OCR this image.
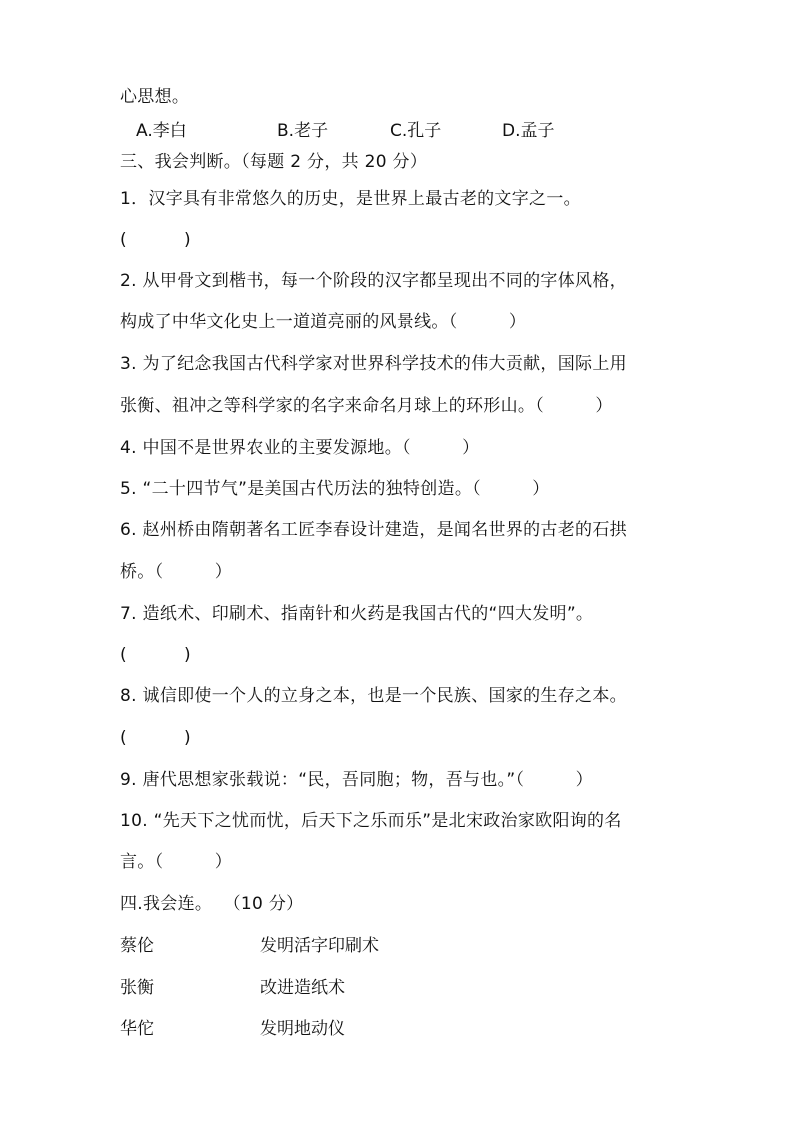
心思想。
A.李白	B.老子	C.孔子	D.孟子
三、我会判断。（每题 2 分，共 20 分）
1．汉字具有非常悠久的历史，是世界上最古老的文字之一。
(          )
2. 从甲骨文到楷书，每一个阶段的汉字都呈现出不同的字体风格，
构成了中华文化史上一道道亮丽的风景线。（         ）
3. 为了纪念我国古代科学家对世界科学技术的伟大贡献，国际上用
张衡、祖冲之等科学家的名字来命名月球上的环形山。（         ）
4. 中国不是世界农业的主要发源地。（         ）
5. “二十四节气”是美国古代历法的独特创造。（         ）
6. 赵州桥由隋朝著名工匠李春设计建造，是闻名世界的古老的石拱
桥。（         ）
7. 造纸术、印刷术、指南针和火药是我国古代的“四大发明”。
(          )
8. 诚信即使一个人的立身之本，也是一个民族、国家的生存之本。
(          )
9. 唐代思想家张载说：“民，吾同胞；物，吾与也。”（         ）
10. “先天下之忧而忧，后天下之乐而乐”是北宋政治家欧阳询的名
言。（         ）
四.我会连。  （10 分）
蔡伦	发明活字印刷术
张衡	改进造纸术
华佗	发明地动仪
